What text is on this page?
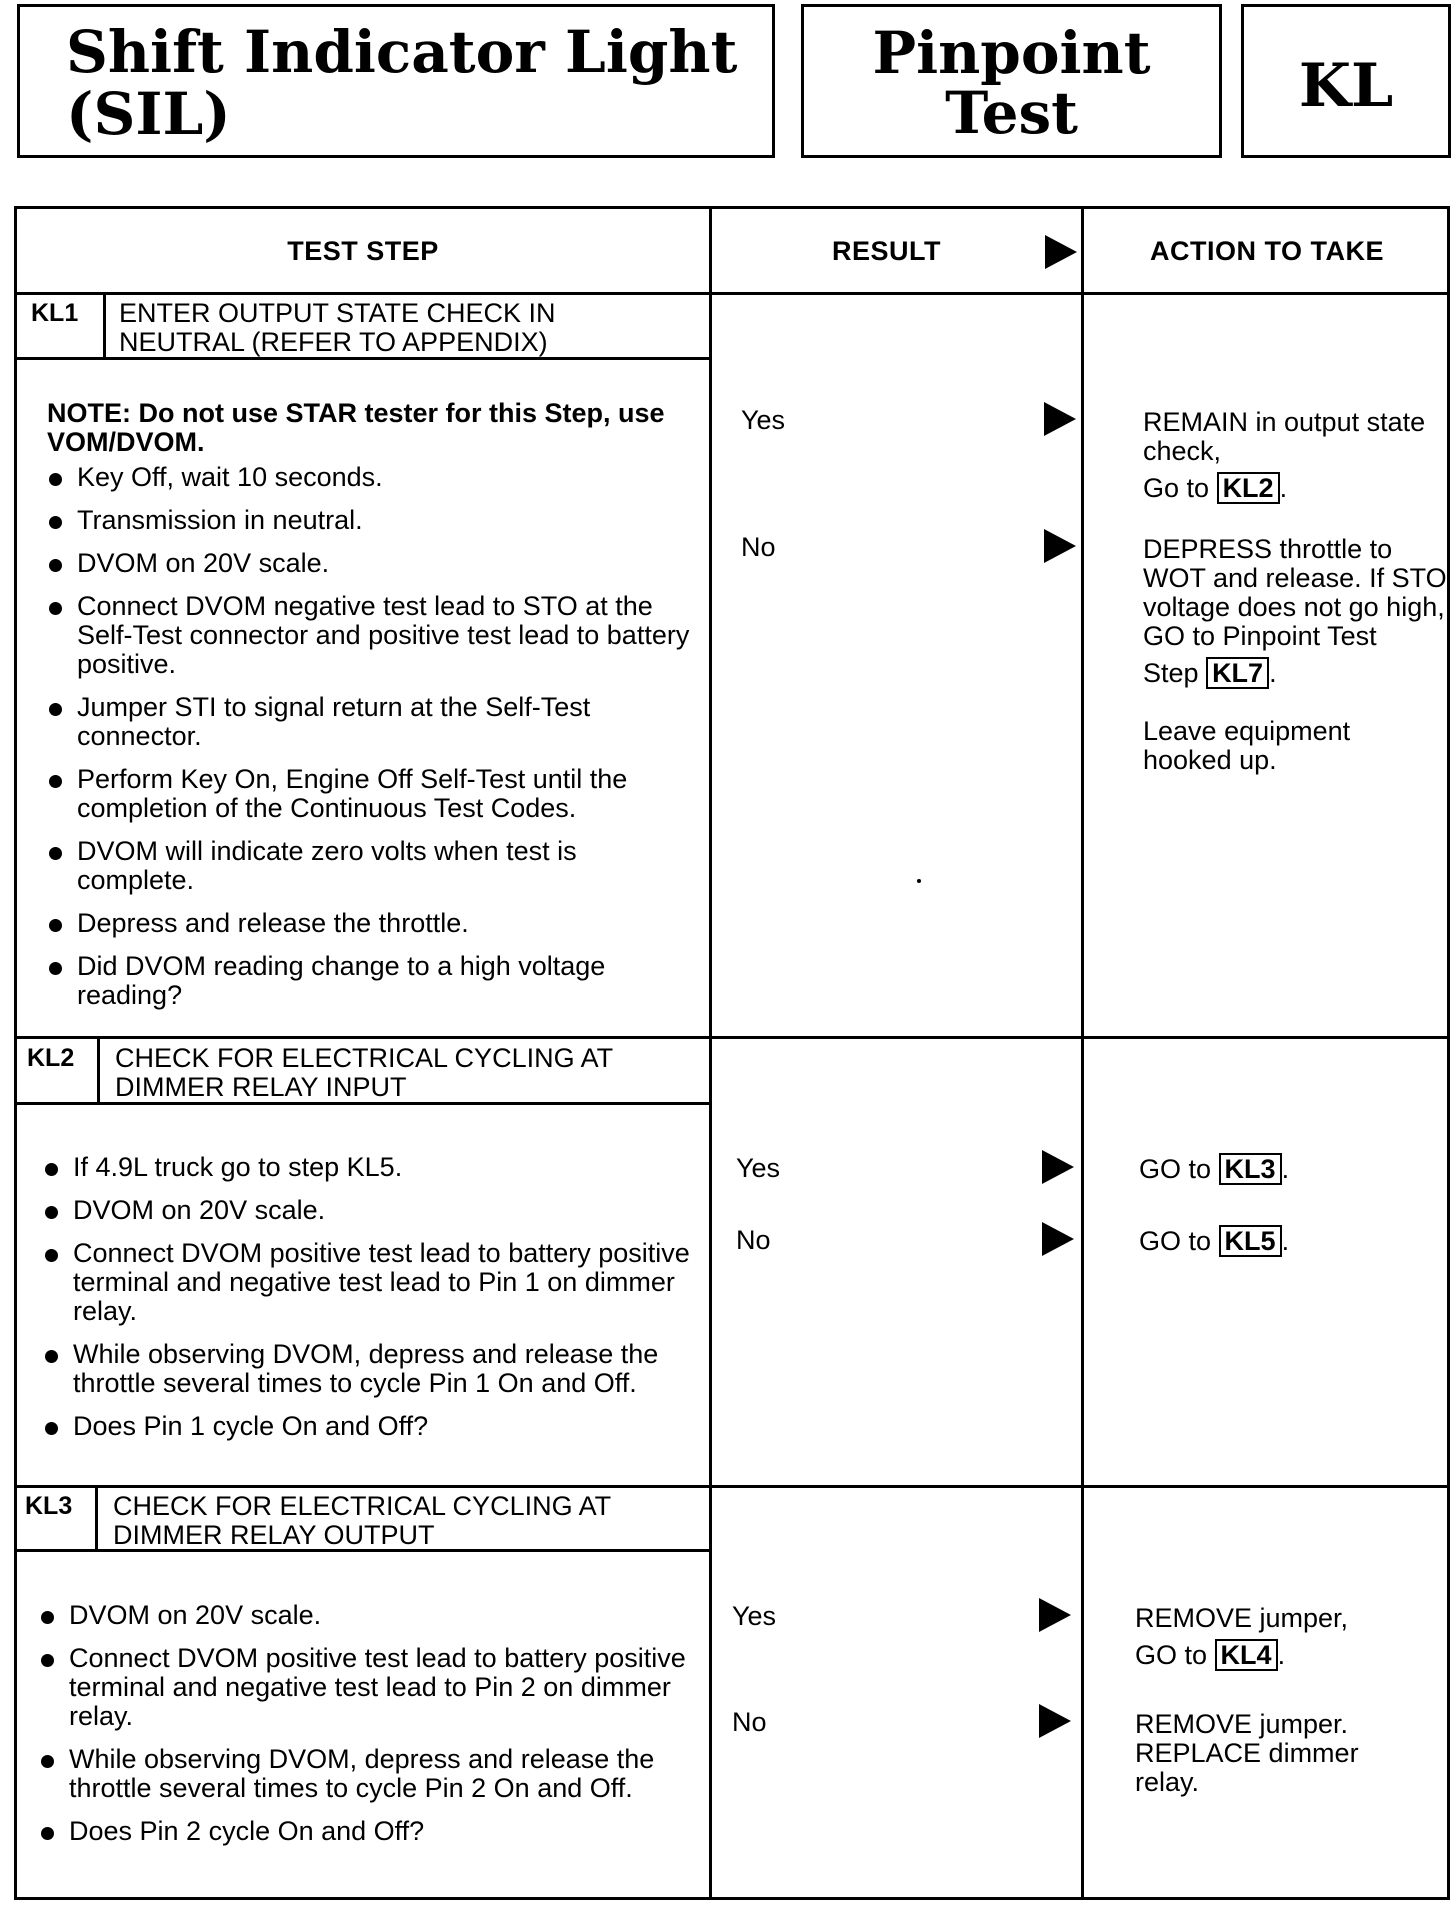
Shift Indicator Light
(SIL)
Pinpoint
Test	KL
TEST STEP	RESULT	ACTION TO TAKE
KL1 ENTER OUTPUT STATE CHECK IN
NEUTRAL (REFER TO APPENDIX)

NOTE: Do not use STAR tester for this Step, use VOM/DVOM.

Key Off, wait 10 seconds.
Transmission in neutral.
DVOM on 20V scale.
Connect DVOM negative test lead to STO at the Self-Test connector and positive test lead to battery positive.
Jumper STI to signal return at the Self-Test connector.
Perform Key On, Engine Off Self-Test until the completion of the Continuous Test Codes.
DVOM will indicate zero volts when test is complete.
Depress and release the throttle.
Did DVOM reading change to a high voltage reading?
Yes	REMAIN in output state check,
Go to KL2 .
No	DEPRESS throttle to WOT and release. If STO voltage does not go high, GO to Pinpoint Test
Step KL7 .
Leave equipment hooked up.
KL2 CHECK FOR ELECTRICAL CYCLING AT
DIMMER RELAY INPUT
If 4.9L truck go to step KL5.
DVOM on 20V scale.
Connect DVOM positive test lead to battery positive terminal and negative test lead to Pin 1 on dimmer relay.
While observing DVOM, depress and release the throttle several times to cycle Pin 1 On and Off.
Does Pin 1 cycle On and Off?
Yes	GO to KL3 .
No	GO to KL5 .
KL3 CHECK FOR ELECTRICAL CYCLING AT
DIMMER RELAY OUTPUT
DVOM on 20V scale.
Connect DVOM positive test lead to battery positive terminal and negative test lead to Pin 2 on dimmer relay.
While observing DVOM, depress and release the throttle several times to cycle Pin 2 On and Off.
Does Pin 2 cycle On and Off?
Yes	REMOVE jumper,
GO to KL4 .
No	REMOVE jumper. REPLACE dimmer relay.
